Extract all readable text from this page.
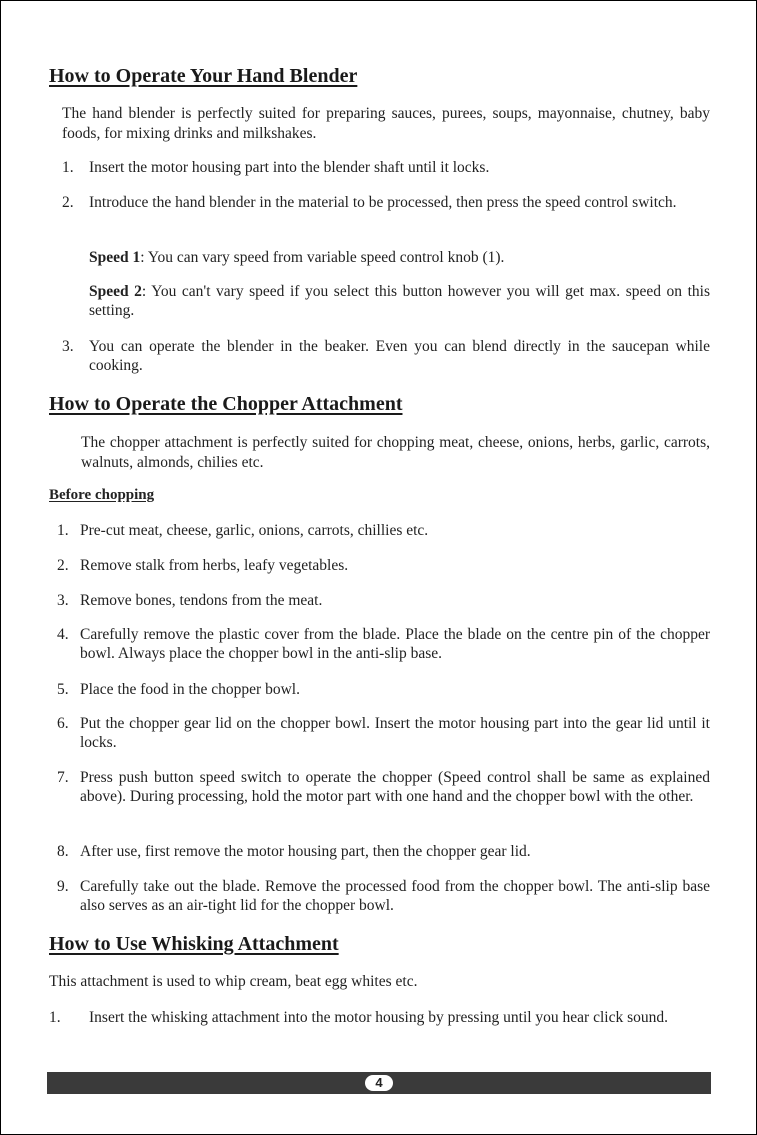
How to Operate Your Hand Blender

The hand blender is perfectly suited for preparing sauces, purees, soups, mayonnaise, chutney, baby foods, for mixing drinks and milkshakes.

1. Insert the motor housing part into the blender shaft until it locks.
2. Introduce the hand blender in the material to be processed, then press the speed control switch.

Speed 1: You can vary speed from variable speed control knob (1).

Speed 2: You can't vary speed if you select this button however you will get max. speed on this setting.

3. You can operate the blender in the beaker. Even you can blend directly in the saucepan while cooking.
How to Operate the Chopper Attachment

The chopper attachment is perfectly suited for chopping meat, cheese, onions, herbs, garlic, carrots, walnuts, almonds, chilies etc.

Before chopping

1. Pre-cut meat, cheese, garlic, onions, carrots, chillies etc.
2. Remove stalk from herbs, leafy vegetables.
3. Remove bones, tendons from the meat.
4. Carefully remove the plastic cover from the blade. Place the blade on the centre pin of the chopper bowl. Always place the chopper bowl in the anti-slip base.
5. Place the food in the chopper bowl.
6. Put the chopper gear lid on the chopper bowl. Insert the motor housing part into the gear lid until it locks.
7. Press push button speed switch to operate the chopper (Speed control shall be same as explained above). During processing, hold the motor part with one hand and the chopper bowl with the other.
8. After use, first remove the motor housing part, then the chopper gear lid.
9. Carefully take out the blade. Remove the processed food from the chopper bowl. The anti-slip base also serves as an air-tight lid for the chopper bowl.
How to Use Whisking Attachment

This attachment is used to whip cream, beat egg whites etc.

1.	Insert the whisking attachment into the motor housing by pressing until you hear click sound.
4
